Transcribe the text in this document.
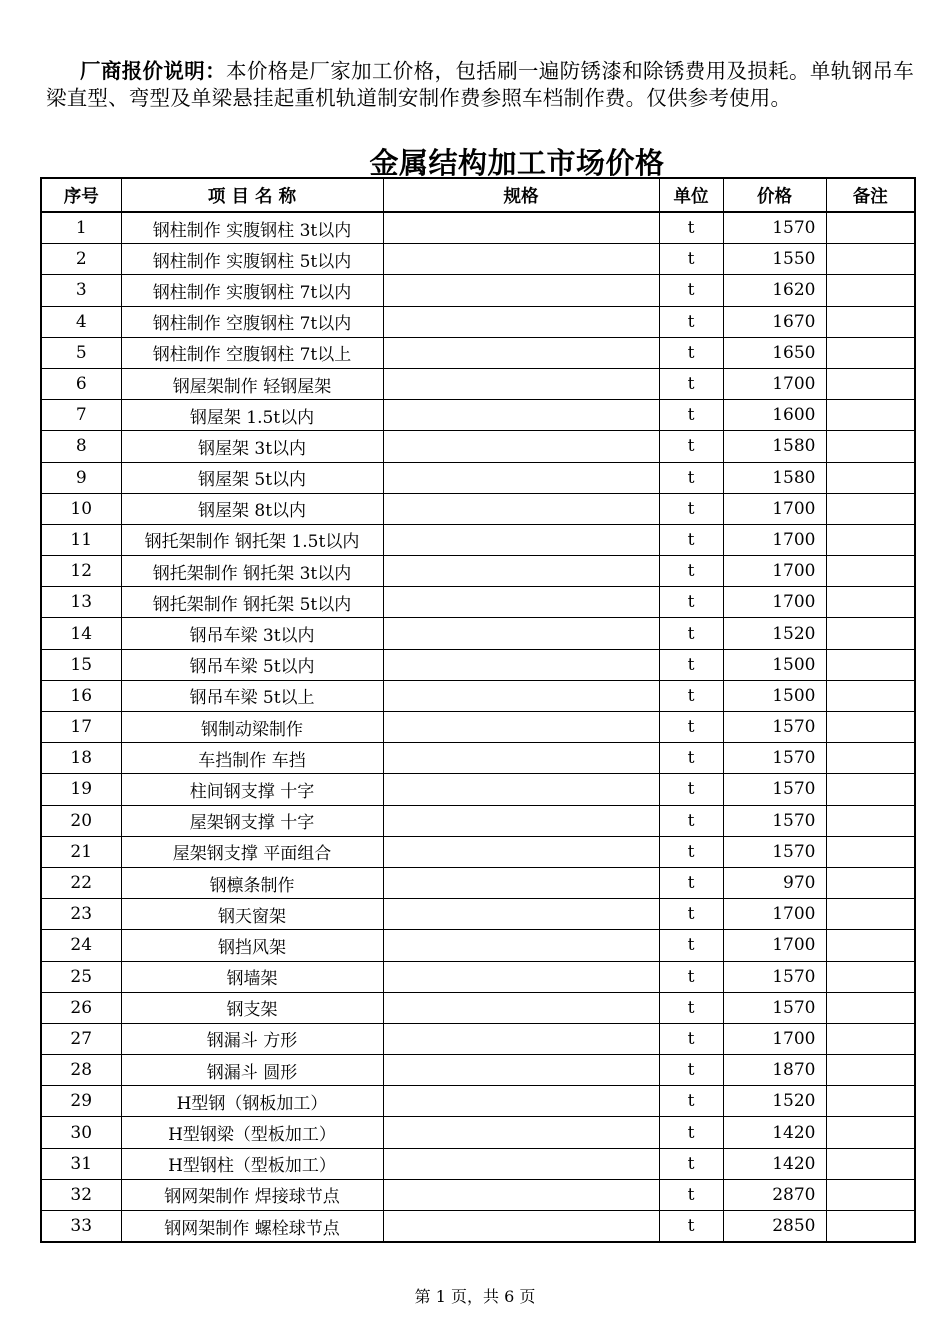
厂商报价说明：本价格是厂家加工价格，包括刷一遍防锈漆和除锈费用及损耗。单轨钢吊车梁直型、弯型及单梁悬挂起重机轨道制安制作费参照车档制作费。仅供参考使用。
金属结构加工市场价格
序号	项 目 名 称	规格	单位	价格	备注
1	钢柱制作 实腹钢柱 3t以内		t	1570	
2	钢柱制作 实腹钢柱 5t以内		t	1550	
3	钢柱制作 实腹钢柱 7t以内		t	1620	
4	钢柱制作 空腹钢柱 7t以内		t	1670	
5	钢柱制作 空腹钢柱 7t以上		t	1650	
6	钢屋架制作 轻钢屋架		t	1700	
7	钢屋架 1.5t以内		t	1600	
8	钢屋架 3t以内		t	1580	
9	钢屋架 5t以内		t	1580	
10	钢屋架 8t以内		t	1700	
11	钢托架制作 钢托架 1.5t以内		t	1700	
12	钢托架制作 钢托架 3t以内		t	1700	
13	钢托架制作 钢托架 5t以内		t	1700	
14	钢吊车梁 3t以内		t	1520	
15	钢吊车梁 5t以内		t	1500	
16	钢吊车梁 5t以上		t	1500	
17	钢制动梁制作		t	1570	
18	车挡制作 车挡		t	1570	
19	柱间钢支撑 十字		t	1570	
20	屋架钢支撑 十字		t	1570	
21	屋架钢支撑 平面组合		t	1570	
22	钢檩条制作		t	970	
23	钢天窗架		t	1700	
24	钢挡风架		t	1700	
25	钢墙架		t	1570	
26	钢支架		t	1570	
27	钢漏斗 方形		t	1700	
28	钢漏斗 圆形		t	1870	
29	H型钢（钢板加工）		t	1520	
30	H型钢梁（型板加工）		t	1420	
31	H型钢柱（型板加工）		t	1420	
32	钢网架制作 焊接球节点		t	2870	
33	钢网架制作 螺栓球节点		t	2850	
第 1 页，共 6 页
